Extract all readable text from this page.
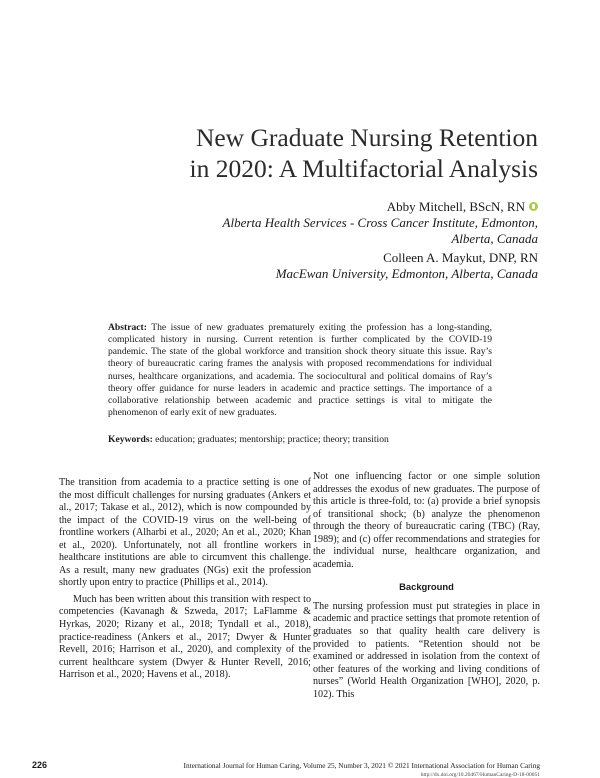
New Graduate Nursing Retention
in 2020: A Multifactorial Analysis
Abby Mitchell, BScN, RN
Alberta Health Services - Cross Cancer Institute, Edmonton,
Alberta, Canada
Colleen A. Maykut, DNP, RN
MacEwan University, Edmonton, Alberta, Canada

Abstract: The issue of new graduates prematurely exiting the profession has a long-standing, complicated history in nursing. Current retention is further complicated by the COVID-19 pandemic. The state of the global workforce and transition shock theory situate this issue. Ray’s theory of bureaucratic caring frames the analysis with proposed recommendations for individual nurses, healthcare organizations, and academia. The sociocultural and political domains of Ray’s theory offer guidance for nurse leaders in academic and practice settings. The importance of a collaborative relationship between academic and practice settings is vital to mitigate the phenomenon of early exit of new graduates.

Keywords: education; graduates; mentorship; practice; theory; transition

The transition from academia to a practice setting is one of the most difficult challenges for nursing graduates (Ankers et al., 2017; Takase et al., 2012), which is now compounded by the impact of the COVID-19 virus on the well-being of frontline workers (Alharbi et al., 2020; An et al., 2020; Khan et al., 2020). Unfortunately, not all frontline workers in healthcare institutions are able to circumvent this challenge. As a result, many new graduates (NGs) exit the profession shortly upon entry to practice (Phillips et al., 2014).

Much has been written about this transition with respect to competencies (Kavanagh & Szweda, 2017; LaFlamme & Hyrkas, 2020; Rizany et al., 2018; Tyndall et al., 2018), practice-readiness (Ankers et al., 2017; Dwyer & Hunter Revell, 2016; Harrison et al., 2020), and complexity of the current healthcare system (Dwyer & Hunter Revell, 2016; Harrison et al., 2020; Havens et al., 2018).

Not one influencing factor or one simple solution addresses the exodus of new graduates. The purpose of this article is three-fold, to: (a) provide a brief synopsis of transitional shock; (b) analyze the phenomenon through the theory of bureaucratic caring (TBC) (Ray, 1989); and (c) offer recommendations and strategies for the individual nurse, healthcare organization, and academia.

Background

The nursing profession must put strategies in place in academic and practice settings that promote retention of graduates so that quality health care delivery is provided to patients. “Retention should not be examined or addressed in isolation from the context of other features of the working and living conditions of nurses” (World Health Organization [WHO], 2020, p. 102). This

226	International Journal for Human Caring, Volume 25, Number 3, 2021 © 2021 International Association for Human Caring
http://dx.doi.org/10.20467/HumanCaring-D-18-00051
